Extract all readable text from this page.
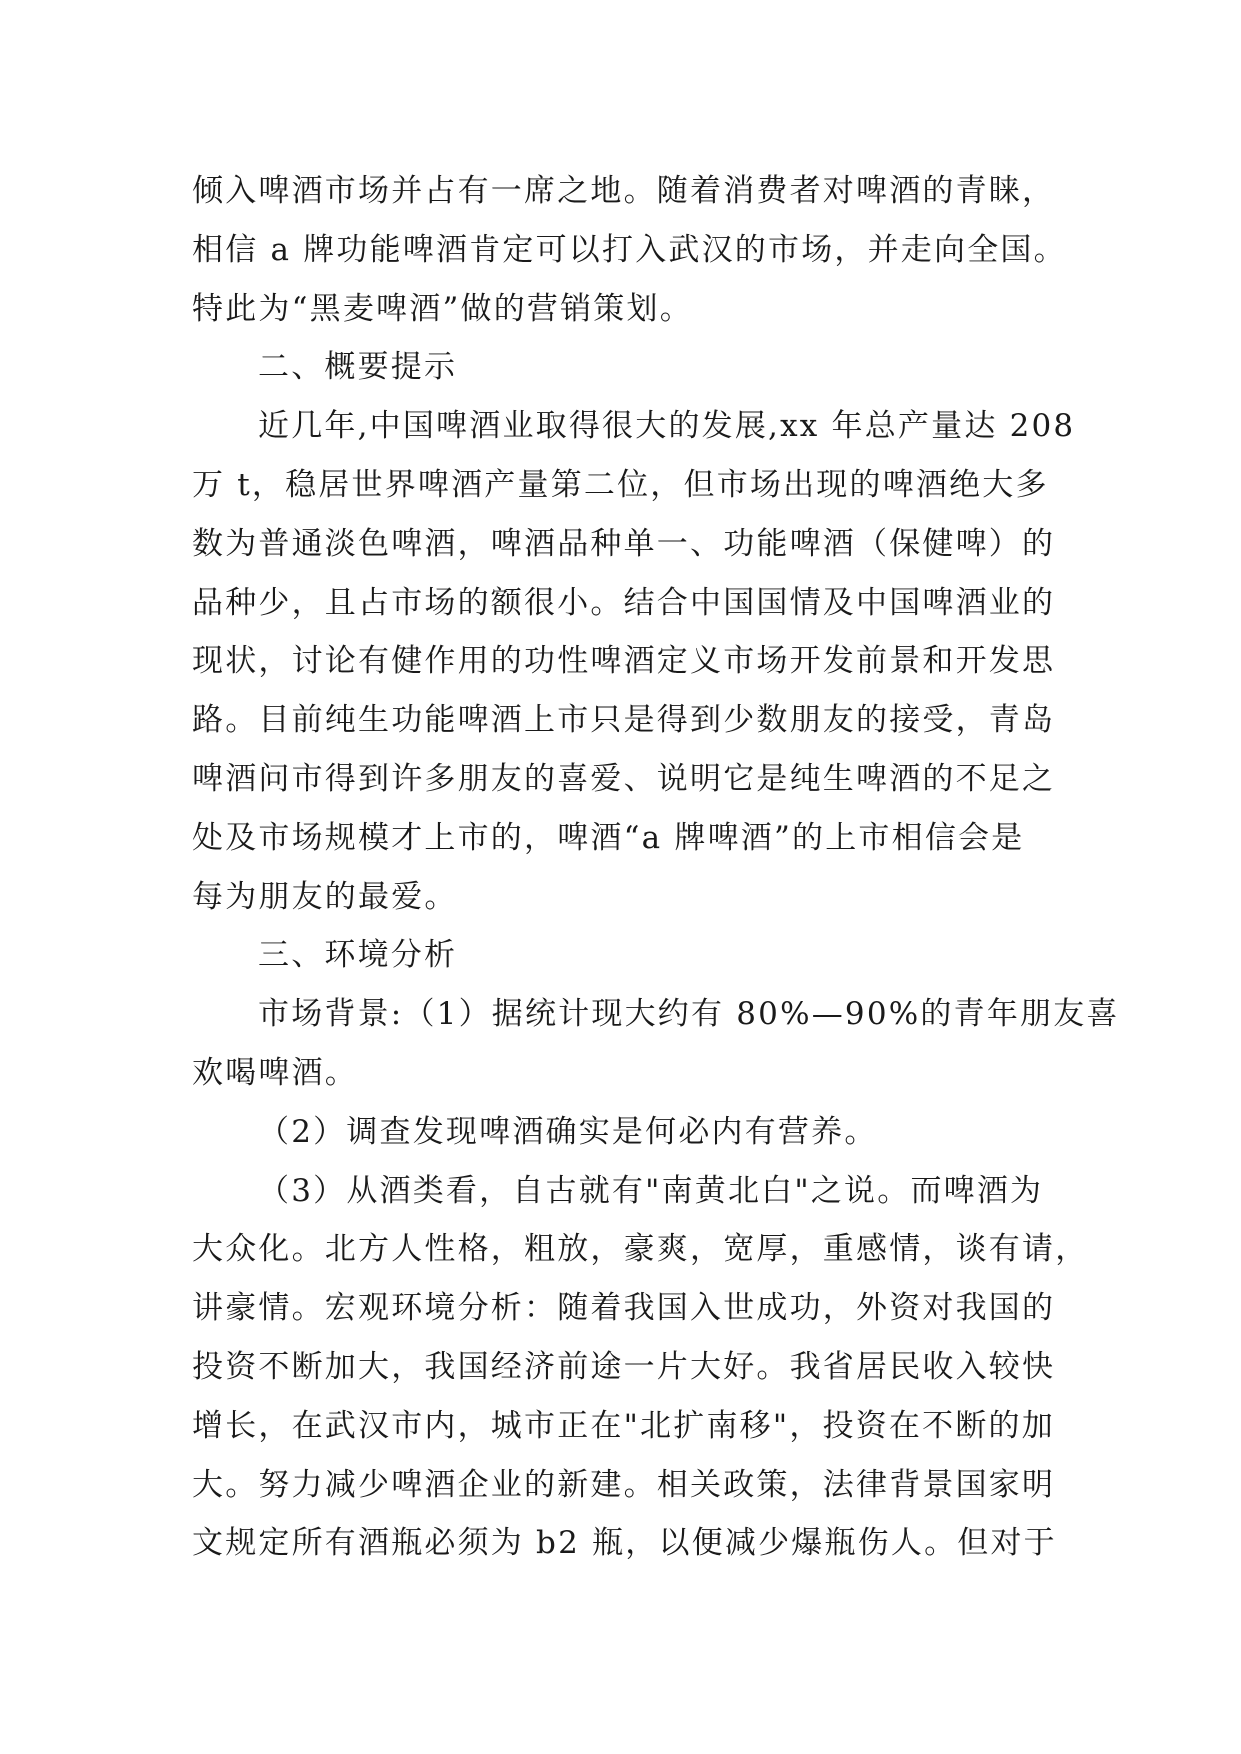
倾入啤酒市场并占有一席之地。随着消费者对啤酒的青睐，
相信 a 牌功能啤酒肯定可以打入武汉的市场，并走向全国。
特此为“黑麦啤酒”做的营销策划。
二、概要提示
近几年,中国啤酒业取得很大的发展,xx 年总产量达 208
万 t，稳居世界啤酒产量第二位，但市场出现的啤酒绝大多
数为普通淡色啤酒，啤酒品种单一、功能啤酒（保健啤）的
品种少，且占市场的额很小。结合中国国情及中国啤酒业的
现状，讨论有健作用的功性啤酒定义市场开发前景和开发思
路。目前纯生功能啤酒上市只是得到少数朋友的接受，青岛
啤酒问市得到许多朋友的喜爱、说明它是纯生啤酒的不足之
处及市场规模才上市的，啤酒“a 牌啤酒”的上市相信会是
每为朋友的最爱。
三、环境分析
市场背景:（1）据统计现大约有 80%—90%的青年朋友喜
欢喝啤酒。
（2）调查发现啤酒确实是何必内有营养。
（3）从酒类看，自古就有"南黄北白"之说。而啤酒为
大众化。北方人性格，粗放，豪爽，宽厚，重感情，谈有请，
讲豪情。宏观环境分析：随着我国入世成功，外资对我国的
投资不断加大，我国经济前途一片大好。我省居民收入较快
增长，在武汉市内，城市正在"北扩南移"，投资在不断的加
大。努力减少啤酒企业的新建。相关政策，法律背景国家明
文规定所有酒瓶必须为 b2 瓶，以便减少爆瓶伤人。但对于
